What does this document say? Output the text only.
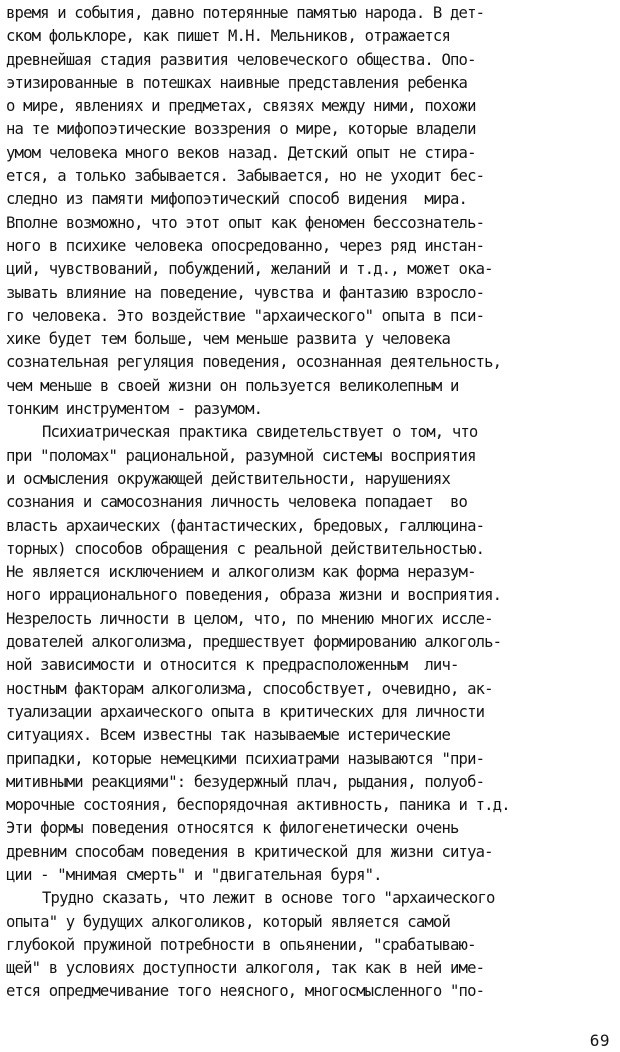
время и события, давно потерянные памятью народа. В дет-
ском фольклоре, как пишет М.Н. Мельников, отражается
древнейшая стадия развития человеческого общества. Опо-
этизированные в потешках наивные представления ребенка
о мире, явлениях и предметах, связях между ними, похожи
на те мифопоэтические воззрения о мире, которые владели
умом человека много веков назад. Детский опыт не стира-
ется, а только забывается. Забывается, но не уходит бес-
следно из памяти мифопоэтический способ видения  мира.
Вполне возможно, что этот опыт как феномен бессознатель-
ного в психике человека опосредованно, через ряд инстан-
ций, чувствований, побуждений, желаний и т.д., может ока-
зывать влияние на поведение, чувства и фантазию взросло-
го человека. Это воздействие "архаического" опыта в пси-
хике будет тем больше, чем меньше развита у человека
сознательная регуляция поведения, осознанная деятельность,
чем меньше в своей жизни он пользуется великолепным и
тонким инструментом - разумом.
Психиатрическая практика свидетельствует о том, что
при "поломах" рациональной, разумной системы восприятия
и осмысления окружающей действительности, нарушениях
сознания и самосознания личность человека попадает  во
власть архаических (фантастических, бредовых, галлюцина-
торных) способов обращения с реальной действительностью.
Не является исключением и алкоголизм как форма неразум-
ного иррационального поведения, образа жизни и восприятия.
Незрелость личности в целом, что, по мнению многих иссле-
дователей алкоголизма, предшествует формированию алкоголь-
ной зависимости и относится к предрасположенным  лич-
ностным факторам алкоголизма, способствует, очевидно, ак-
туализации архаического опыта в критических для личности
ситуациях. Всем известны так называемые истерические
припадки, которые немецкими психиатрами называются "при-
митивными реакциями": безудержный плач, рыдания, полуоб-
морочные состояния, беспорядочная активность, паника и т.д.
Эти формы поведения относятся к филогенетически очень
древним способам поведения в критической для жизни ситуа-
ции - "мнимая смерть" и "двигательная буря".
Трудно сказать, что лежит в основе того "архаического
опыта" у будущих алкоголиков, который является самой
глубокой пружиной потребности в опьянении, "срабатываю-
щей" в условиях доступности алкоголя, так как в ней име-
ется опредмечивание того неясного, многосмысленного "по-
69
